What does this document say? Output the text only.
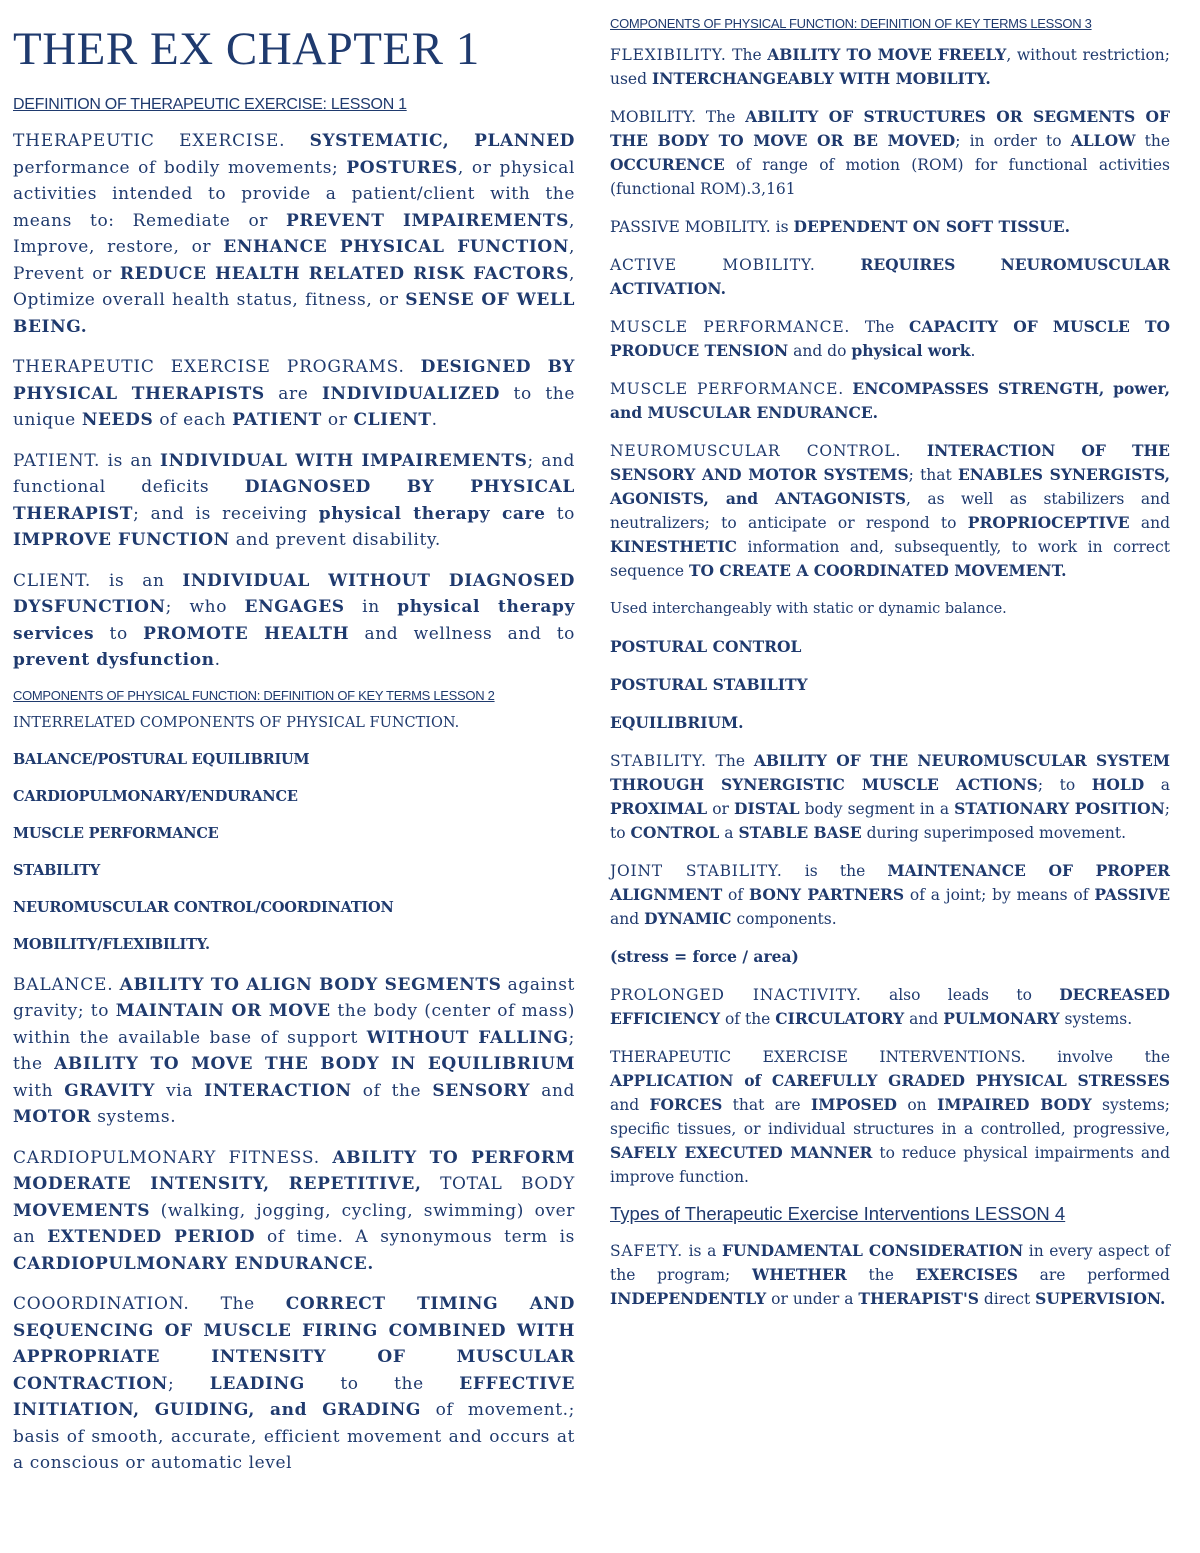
THER EX CHAPTER 1
DEFINITION OF THERAPEUTIC EXERCISE: LESSON 1

THERAPEUTIC EXERCISE. SYSTEMATIC, PLANNED performance of bodily movements; POSTURES, or physical activities intended to provide a patient/client with the means to: Remediate or PREVENT IMPAIREMENTS, Improve, restore, or ENHANCE PHYSICAL FUNCTION, Prevent or REDUCE HEALTH RELATED RISK FACTORS, Optimize overall health status, fitness, or SENSE OF WELL BEING.

THERAPEUTIC EXERCISE PROGRAMS. DESIGNED BY PHYSICAL THERAPISTS are INDIVIDUALIZED to the unique NEEDS of each PATIENT or CLIENT.

PATIENT. is an INDIVIDUAL WITH IMPAIREMENTS; and functional deficits DIAGNOSED BY PHYSICAL THERAPIST; and is receiving physical therapy care to IMPROVE FUNCTION and prevent disability.

CLIENT. is an INDIVIDUAL WITHOUT DIAGNOSED DYSFUNCTION; who ENGAGES in physical therapy services to PROMOTE HEALTH and wellness and to prevent dysfunction.

COMPONENTS OF PHYSICAL FUNCTION: DEFINITION OF KEY TERMS LESSON 2
INTERRELATED COMPONENTS OF PHYSICAL FUNCTION.
BALANCE/POSTURAL EQUILIBRIUM
CARDIOPULMONARY/ENDURANCE
MUSCLE PERFORMANCE
STABILITY
NEUROMUSCULAR CONTROL/COORDINATION
MOBILITY/FLEXIBILITY.

BALANCE. ABILITY TO ALIGN BODY SEGMENTS against gravity; to MAINTAIN OR MOVE the body (center of mass) within the available base of support WITHOUT FALLING; the ABILITY TO MOVE THE BODY IN EQUILIBRIUM with GRAVITY via INTERACTION of the SENSORY and MOTOR systems.

CARDIOPULMONARY FITNESS. ABILITY TO PERFORM MODERATE INTENSITY, REPETITIVE, TOTAL BODY MOVEMENTS (walking, jogging, cycling, swimming) over an EXTENDED PERIOD of time. A synonymous term is CARDIOPULMONARY ENDURANCE.

COOORDINATION. The CORRECT TIMING AND SEQUENCING OF MUSCLE FIRING COMBINED WITH APPROPRIATE INTENSITY OF MUSCULAR CONTRACTION; LEADING to the EFFECTIVE INITIATION, GUIDING, and GRADING of movement.; basis of smooth, accurate, efficient movement and occurs at a conscious or automatic level

COMPONENTS OF PHYSICAL FUNCTION: DEFINITION OF KEY TERMS LESSON 3

FLEXIBILITY. The ABILITY TO MOVE FREELY, without restriction; used INTERCHANGEABLY WITH MOBILITY.

MOBILITY. The ABILITY OF STRUCTURES OR SEGMENTS OF THE BODY TO MOVE OR BE MOVED; in order to ALLOW the OCCURENCE of range of motion (ROM) for functional activities (functional ROM).3,161

PASSIVE MOBILITY. is DEPENDENT ON SOFT TISSUE.

ACTIVE MOBILITY.	REQUIRES NEUROMUSCULAR ACTIVATION.

MUSCLE PERFORMANCE. The CAPACITY OF MUSCLE TO PRODUCE TENSION and do physical work.

MUSCLE PERFORMANCE. ENCOMPASSES STRENGTH, power, and MUSCULAR ENDURANCE.

NEUROMUSCULAR CONTROL. INTERACTION OF THE SENSORY AND MOTOR SYSTEMS; that ENABLES SYNERGISTS, AGONISTS, and ANTAGONISTS, as well as stabilizers and neutralizers; to anticipate or respond to PROPRIOCEPTIVE and KINESTHETIC information and, subsequently, to work in correct sequence TO CREATE A COORDINATED MOVEMENT.

Used interchangeably with static or dynamic balance.

POSTURAL CONTROL

POSTURAL STABILITY

EQUILIBRIUM.

STABILITY. The ABILITY OF THE NEUROMUSCULAR SYSTEM THROUGH SYNERGISTIC MUSCLE ACTIONS; to HOLD a PROXIMAL or DISTAL body segment in a STATIONARY POSITION; to CONTROL a STABLE BASE during superimposed movement.

JOINT STABILITY. is the MAINTENANCE OF PROPER ALIGNMENT of BONY PARTNERS of a joint; by means of PASSIVE and DYNAMIC components.

(stress = force / area)

PROLONGED INACTIVITY. also leads to DECREASED EFFICIENCY of the CIRCULATORY and PULMONARY systems.

THERAPEUTIC EXERCISE INTERVENTIONS. involve the APPLICATION of CAREFULLY GRADED PHYSICAL STRESSES and FORCES that are IMPOSED on IMPAIRED BODY systems; specific tissues, or individual structures in a controlled, progressive, SAFELY EXECUTED MANNER to reduce physical impairments and improve function.

Types of Therapeutic Exercise Interventions LESSON 4

SAFETY. is a FUNDAMENTAL CONSIDERATION in every aspect of the program; WHETHER the EXERCISES are performed INDEPENDENTLY or under a THERAPIST'S direct SUPERVISION.
